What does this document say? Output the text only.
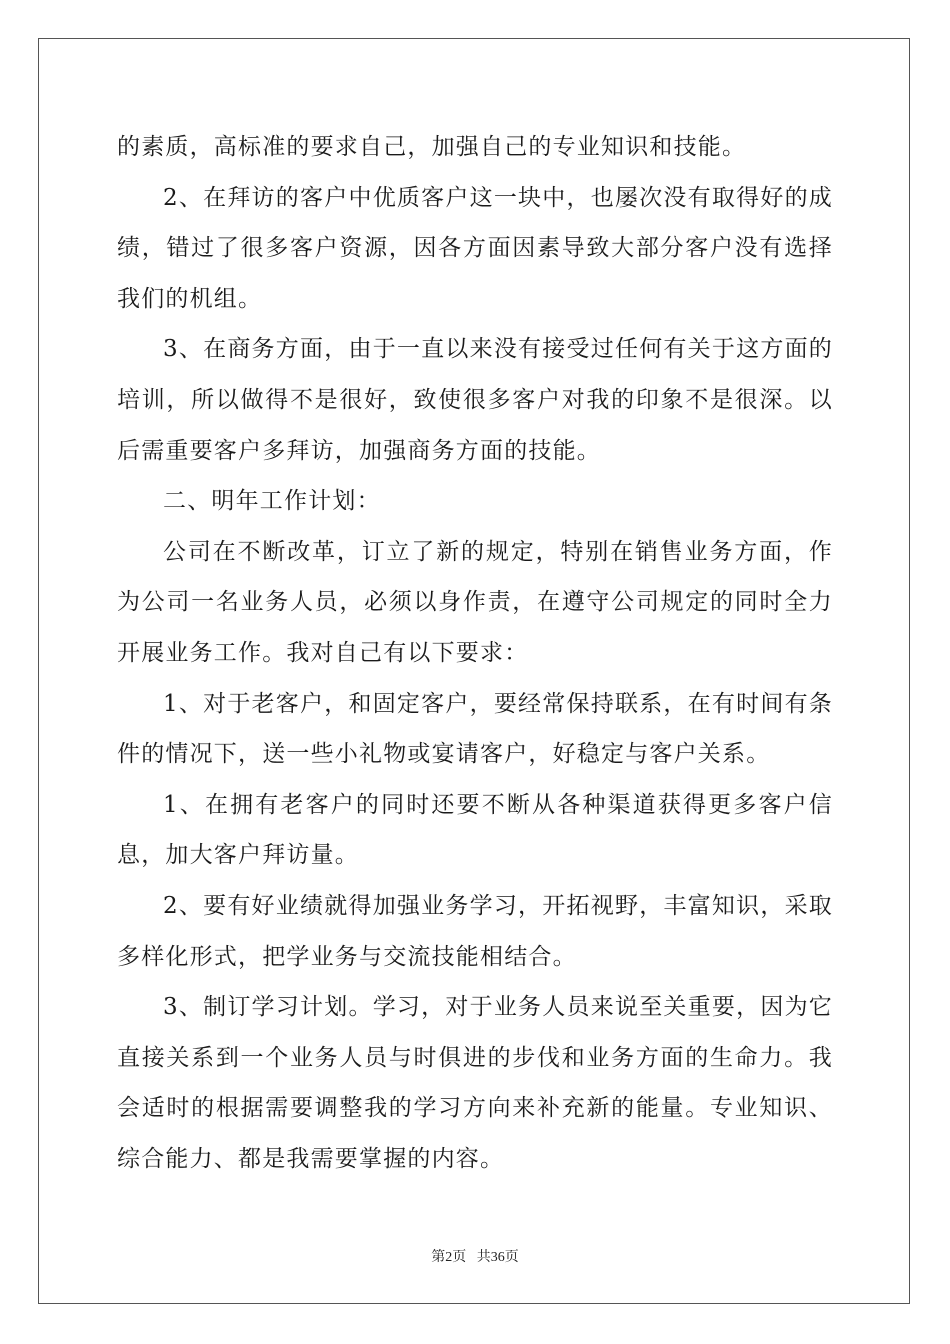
的素质，高标准的要求自己，加强自己的专业知识和技能。

2、在拜访的客户中优质客户这一块中，也屡次没有取得好的成绩，错过了很多客户资源，因各方面因素导致大部分客户没有选择我们的机组。

3、在商务方面，由于一直以来没有接受过任何有关于这方面的培训，所以做得不是很好，致使很多客户对我的印象不是很深。以后需重要客户多拜访，加强商务方面的技能。

二、明年工作计划：

公司在不断改革，订立了新的规定，特别在销售业务方面，作为公司一名业务人员，必须以身作责，在遵守公司规定的同时全力开展业务工作。我对自己有以下要求：

1、对于老客户，和固定客户，要经常保持联系，在有时间有条件的情况下，送一些小礼物或宴请客户，好稳定与客户关系。

1、在拥有老客户的同时还要不断从各种渠道获得更多客户信息，加大客户拜访量。

2、要有好业绩就得加强业务学习，开拓视野，丰富知识，采取多样化形式，把学业务与交流技能相结合。

3、制订学习计划。学习，对于业务人员来说至关重要，因为它直接关系到一个业务人员与时俱进的步伐和业务方面的生命力。我会适时的根据需要调整我的学习方向来补充新的能量。专业知识、综合能力、都是我需要掌握的内容。

第2页 共36页
